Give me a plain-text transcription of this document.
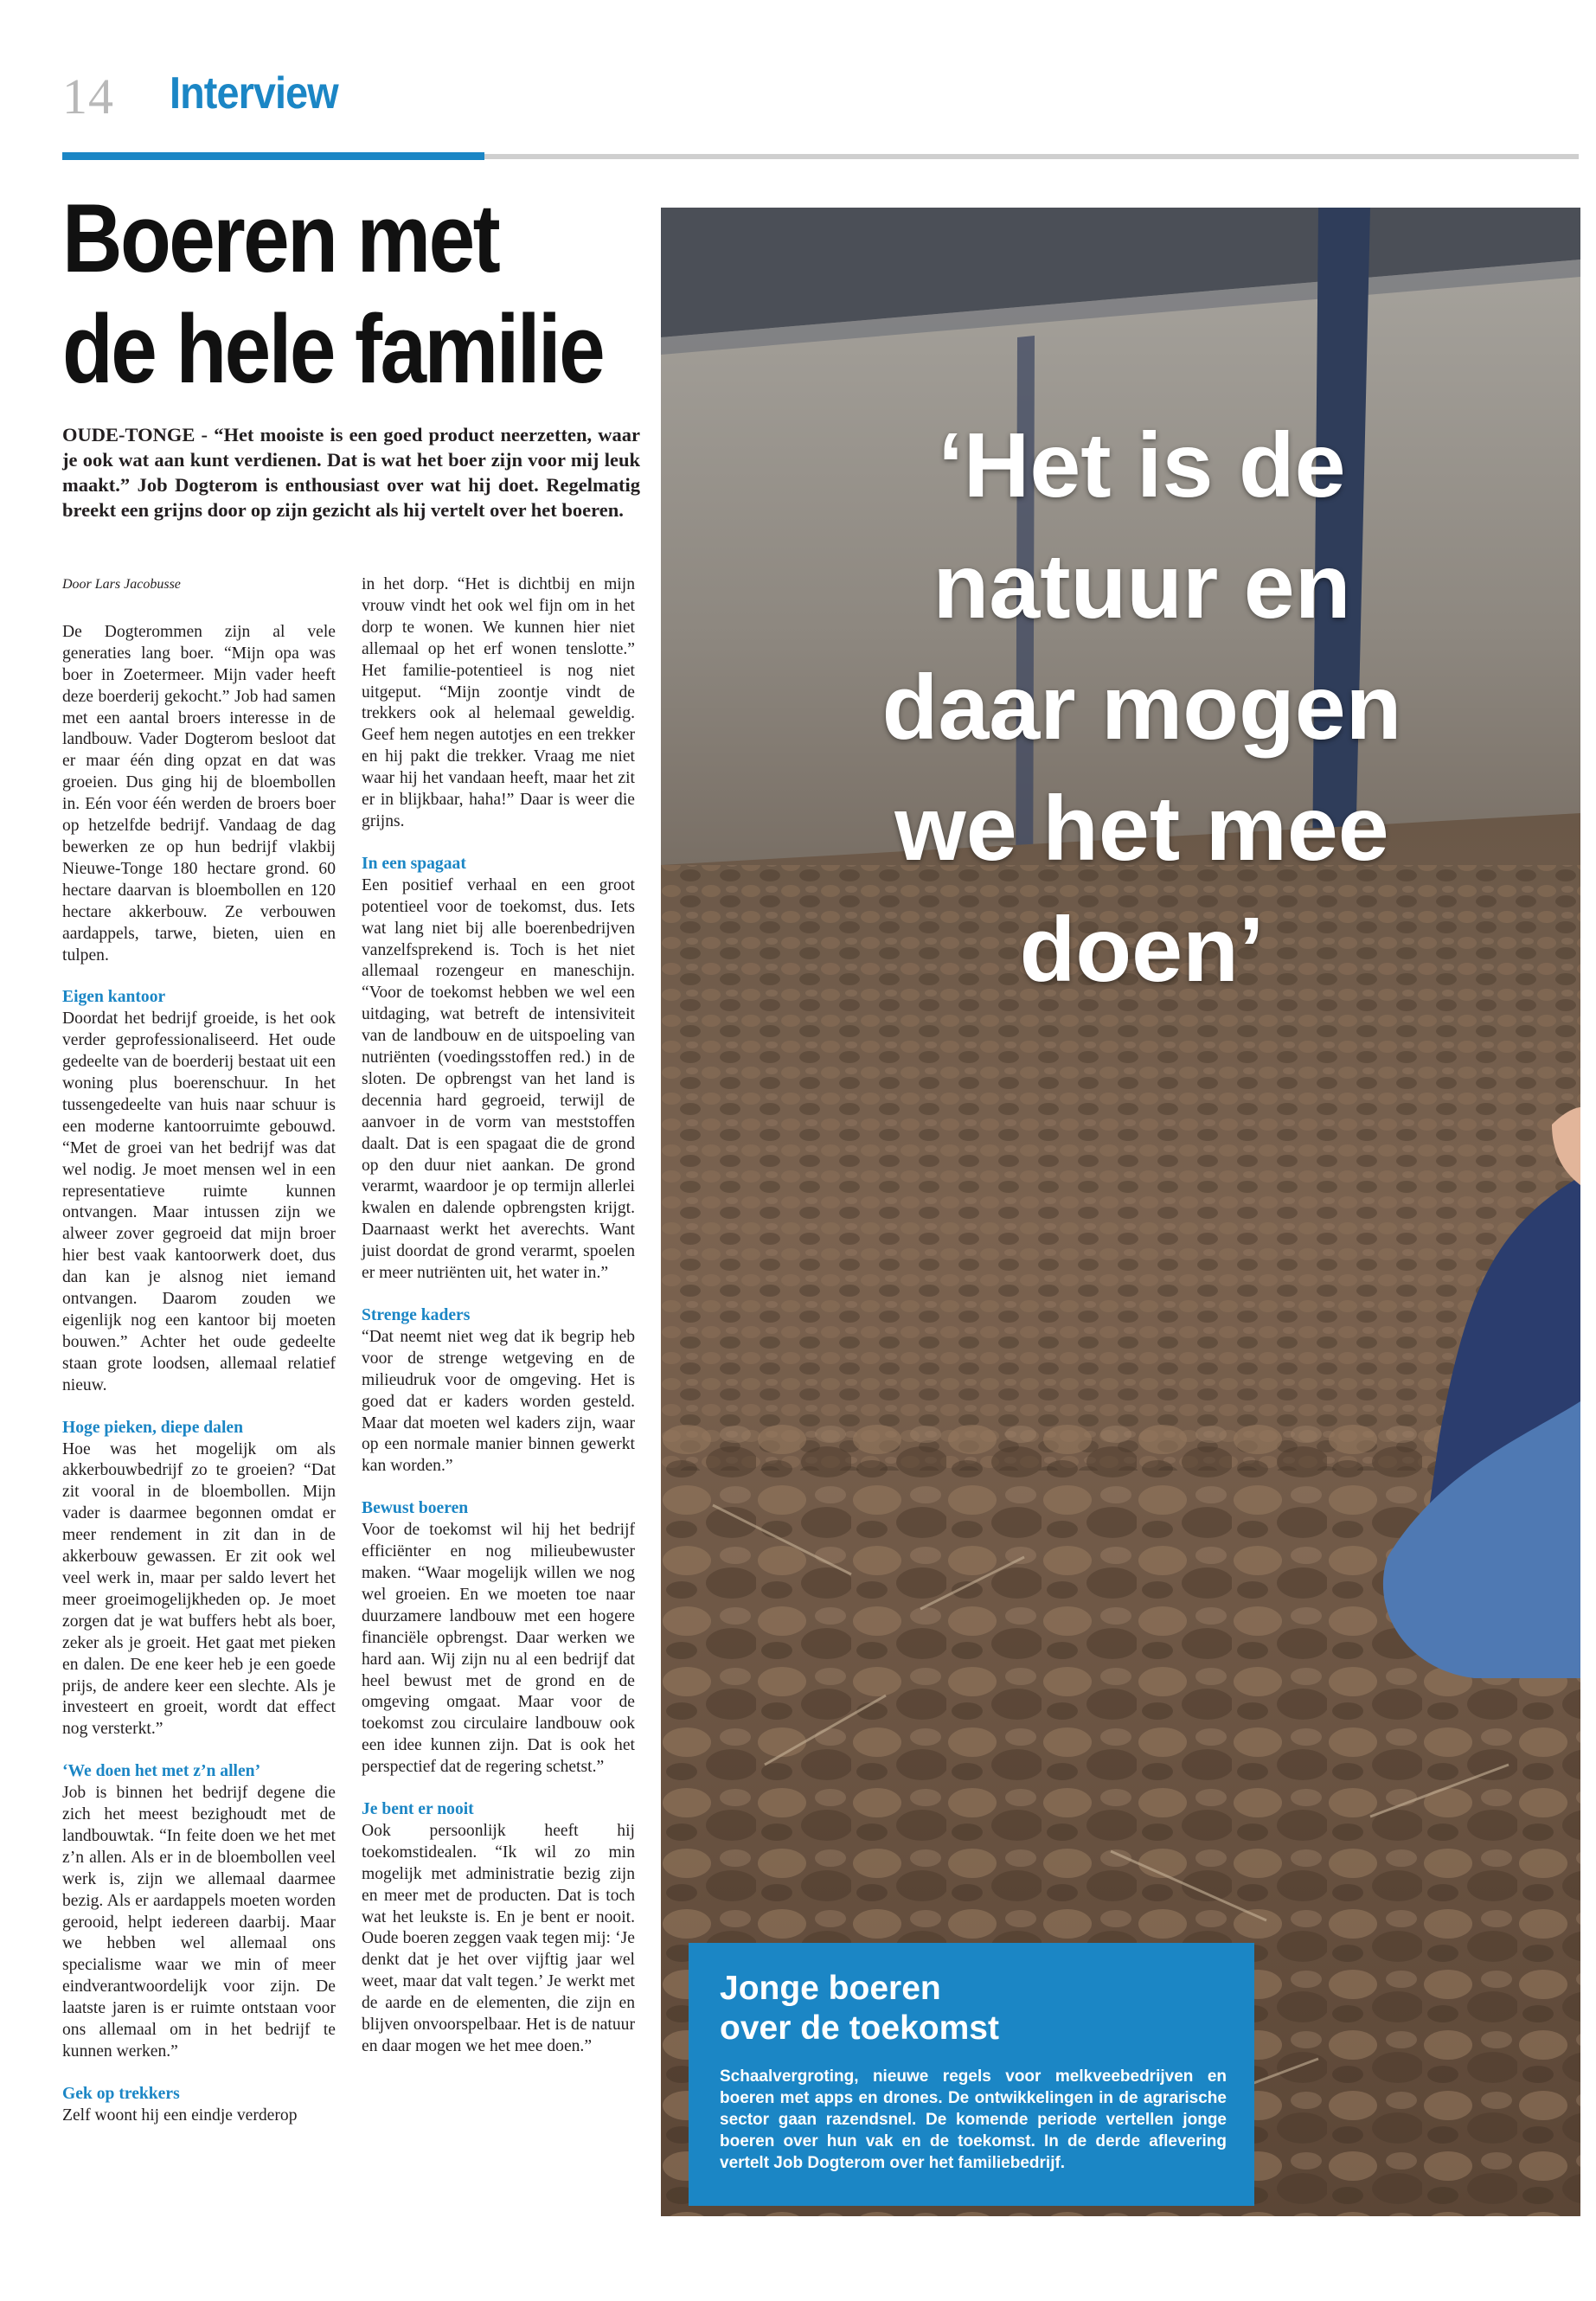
14 Interview
Boeren met
de hele familie
OUDE-TONGE - “Het mooiste is een goed product neerzetten, waar je ook wat aan kunt verdienen. Dat is wat het boer zijn voor mij leuk maakt.” Job Dogterom is enthousiast over wat hij doet. Regelmatig breekt een grijns door op zijn gezicht als hij vertelt over het boeren.

Door Lars Jacobusse

De Dogterommen zijn al vele generaties lang boer. “Mijn opa was boer in Zoetermeer. Mijn vader heeft deze boerderij gekocht.” Job had samen met een aantal broers interesse in de landbouw. Vader Dogterom besloot dat er maar één ding opzat en dat was groeien. Dus ging hij de bloembollen in. Eén voor één werden de broers boer op hetzelfde bedrijf. Vandaag de dag bewerken ze op hun bedrijf vlakbij Nieuwe-Tonge 180 hectare grond. 60 hectare daarvan is bloembollen en 120 hectare akkerbouw. Ze verbouwen aardappels, tarwe, bieten, uien en tulpen.

Eigen kantoor

Doordat het bedrijf groeide, is het ook verder geprofessionaliseerd. Het oude gedeelte van de boerderij bestaat uit een woning plus boerenschuur. In het tussengedeelte van huis naar schuur is een moderne kantoorruimte gebouwd. “Met de groei van het bedrijf was dat wel nodig. Je moet mensen wel in een representatieve ruimte kunnen ontvangen. Maar intussen zijn we alweer zover gegroeid dat mijn broer hier best vaak kantoorwerk doet, dus dan kan je alsnog niet iemand ontvangen. Daarom zouden we eigenlijk nog een kantoor bij moeten bouwen.” Achter het oude gedeelte staan grote loodsen, allemaal relatief nieuw.

Hoge pieken, diepe dalen

Hoe was het mogelijk om als akkerbouwbedrijf zo te groeien? “Dat zit vooral in de bloembollen. Mijn vader is daarmee begonnen omdat er meer rendement in zit dan in de akkerbouw gewassen. Er zit ook wel veel werk in, maar per saldo levert het meer groeimogelijkheden op. Je moet zorgen dat je wat buffers hebt als boer, zeker als je groeit. Het gaat met pieken en dalen. De ene keer heb je een goede prijs, de andere keer een slechte. Als je investeert en groeit, wordt dat effect nog versterkt.”

‘We doen het met z’n allen’

Job is binnen het bedrijf degene die zich het meest bezighoudt met de landbouwtak. “In feite doen we het met z’n allen. Als er in de bloembollen veel werk is, zijn we allemaal daarmee bezig. Als er aardappels moeten worden gerooid, helpt iedereen daarbij. Maar we hebben wel allemaal ons specialisme waar we min of meer eindverantwoordelijk voor zijn. De laatste jaren is er ruimte ontstaan voor ons allemaal om in het bedrijf te kunnen werken.”

Gek op trekkers

Zelf woont hij een eindje verderop

in het dorp. “Het is dichtbij en mijn vrouw vindt het ook wel fijn om in het dorp te wonen. We kunnen hier niet allemaal op het erf wonen tenslotte.” Het familie-potentieel is nog niet uitgeput. “Mijn zoontje vindt de trekkers ook al helemaal geweldig. Geef hem negen autotjes en een trekker en hij pakt die trekker. Vraag me niet waar hij het vandaan heeft, maar het zit er in blijkbaar, haha!” Daar is weer die grijns.

In een spagaat

Een positief verhaal en een groot potentieel voor de toekomst, dus. Iets wat lang niet bij alle boerenbedrijven vanzelfsprekend is. Toch is het niet allemaal rozengeur en maneschijn. “Voor de toekomst hebben we wel een uitdaging, wat betreft de intensiviteit van de landbouw en de uitspoeling van nutriënten (voedingsstoffen red.) in de sloten. De opbrengst van het land is decennia hard gegroeid, terwijl de aanvoer in de vorm van meststoffen daalt. Dat is een spagaat die de grond op den duur niet aankan. De grond verarmt, waardoor je op termijn allerlei kwalen en dalende opbrengsten krijgt. Daarnaast werkt het averechts. Want juist doordat de grond verarmt, spoelen er meer nutriënten uit, het water in.”

Strenge kaders

“Dat neemt niet weg dat ik begrip heb voor de strenge wetgeving en de milieudruk voor de omgeving. Het is goed dat er kaders worden gesteld. Maar dat moeten wel kaders zijn, waar op een normale manier binnen gewerkt kan worden.”

Bewust boeren

Voor de toekomst wil hij het bedrijf efficiënter en nog milieubewuster maken. “Waar mogelijk willen we nog wel groeien. En we moeten toe naar duurzamere landbouw met een hogere financiële opbrengst. Daar werken we hard aan. Wij zijn nu al een bedrijf dat heel bewust met de grond en de omgeving omgaat. Maar voor de toekomst zou circulaire landbouw ook een idee kunnen zijn. Dat is ook het perspectief dat de regering schetst.”

Je bent er nooit

Ook persoonlijk heeft hij toekomstidealen. “Ik wil zo min mogelijk met administratie bezig zijn en meer met de producten. Dat is toch wat het leukste is. En je bent er nooit. Oude boeren zeggen vaak tegen mij: ‘Je denkt dat je het over vijftig jaar wel weet, maar dat valt tegen.’ Je werkt met de aarde en de elementen, die zijn en blijven onvoorspelbaar. Het is de natuur en daar mogen we het mee doen.”

‘Het is de
natuur en
daar mogen
we het mee
doen’
Jonge boeren
over de toekomst
Schaalvergroting, nieuwe regels voor melkveebedrijven en boeren met apps en drones. De ontwikkelingen in de agrarische sector gaan razendsnel. De komende periode vertellen jonge boeren over hun vak en de toekomst. In de derde aflevering vertelt Job Dogterom over het familiebedrijf.
